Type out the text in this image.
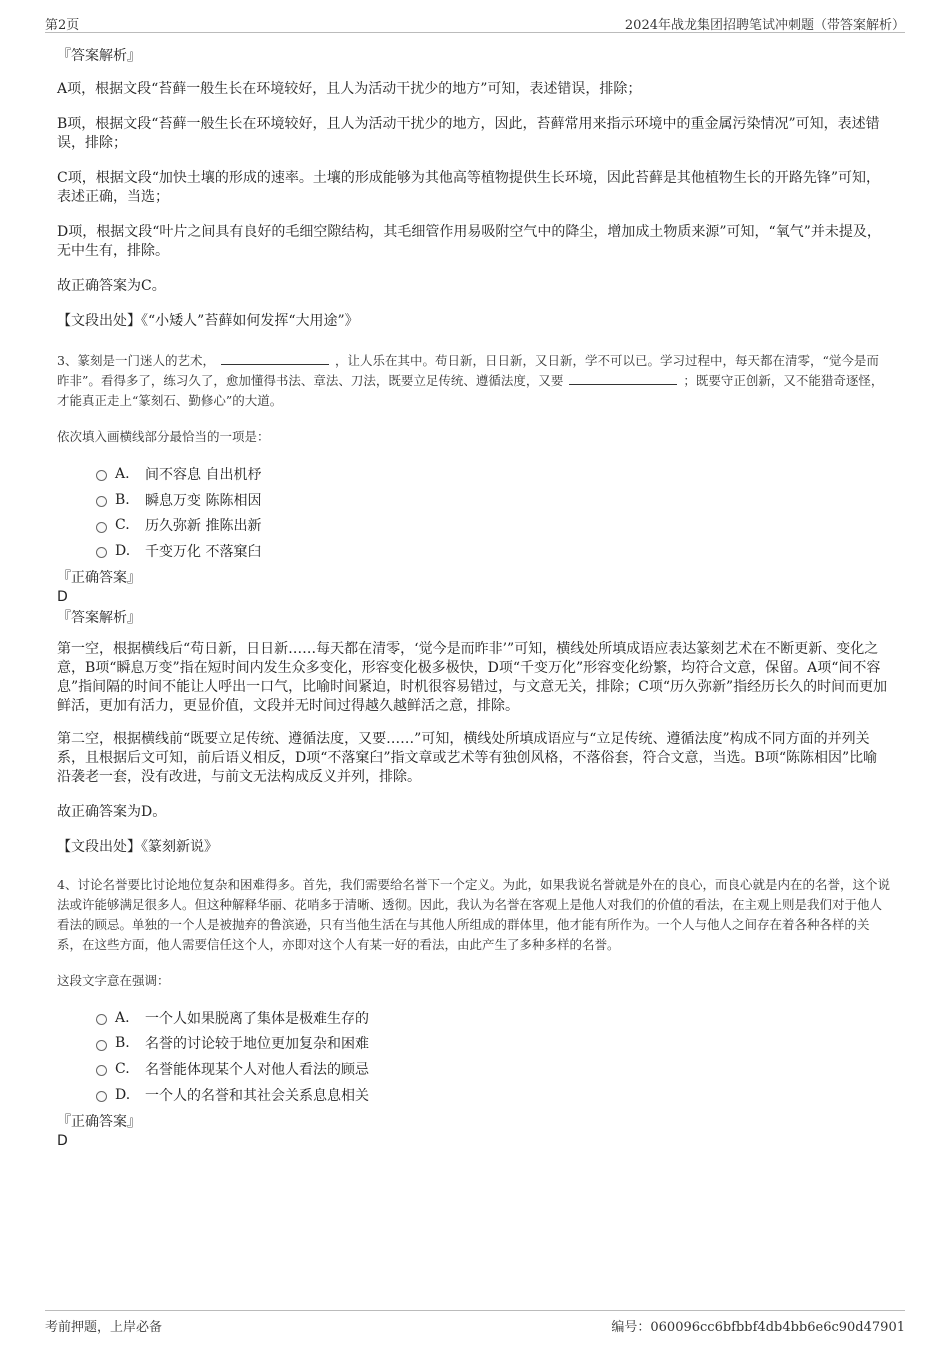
第2页	2024年战龙集团招聘笔试冲刺题（带答案解析）

『答案解析』

A项，根据文段“苔藓一般生长在环境较好，且人为活动干扰少的地方”可知，表述错误，排除；

B项，根据文段“苔藓一般生长在环境较好，且人为活动干扰少的地方，因此，苔藓常用来指示环境中的重金属污染情况”可知，表述错误，排除；

C项，根据文段“加快土壤的形成的速率。土壤的形成能够为其他高等植物提供生长环境，因此苔藓是其他植物生长的开路先锋”可知，表述正确，当选；

D项，根据文段“叶片之间具有良好的毛细空隙结构，其毛细管作用易吸附空气中的降尘，增加成土物质来源”可知，“氧气”并未提及，无中生有，排除。

故正确答案为C。

【文段出处】《“小矮人”苔藓如何发挥“大用途”》

3、篆刻是一门迷人的艺术，	，让人乐在其中。苟日新，日日新，又日新，学不可以已。学习过程中，每天都在清零，“觉今是而昨非”。看得多了，练习久了，愈加懂得书法、章法、刀法，既要立足传统、遵循法度，又要	；既要守正创新，又不能猎奇逐怪，才能真正走上“篆刻石、勤修心”的大道。

依次填入画横线部分最恰当的一项是：

A.	间不容息 自出机杼
B.	瞬息万变 陈陈相因
C.	历久弥新 推陈出新
D.	千变万化 不落窠臼

『正确答案』

D

『答案解析』

第一空，根据横线后“苟日新，日日新……每天都在清零，‘觉今是而昨非’”可知，横线处所填成语应表达篆刻艺术在不断更新、变化之意，B项“瞬息万变”指在短时间内发生众多变化，形容变化极多极快，D项“千变万化”形容变化纷繁，均符合文意，保留。A项“间不容息”指间隔的时间不能让人呼出一口气，比喻时间紧迫，时机很容易错过，与文意无关，排除；C项“历久弥新”指经历长久的时间而更加鲜活，更加有活力，更显价值，文段并无时间过得越久越鲜活之意，排除。

第二空，根据横线前“既要立足传统、遵循法度，又要……”可知，横线处所填成语应与“立足传统、遵循法度”构成不同方面的并列关系，且根据后文可知，前后语义相反，D项“不落窠臼”指文章或艺术等有独创风格，不落俗套，符合文意，当选。B项“陈陈相因”比喻沿袭老一套，没有改进，与前文无法构成反义并列，排除。

故正确答案为D。

【文段出处】《篆刻新说》

4、讨论名誉要比讨论地位复杂和困难得多。首先，我们需要给名誉下一个定义。为此，如果我说名誉就是外在的良心，而良心就是内在的名誉，这个说法或许能够满足很多人。但这种解释华丽、花哨多于清晰、透彻。因此，我认为名誉在客观上是他人对我们的价值的看法，在主观上则是我们对于他人看法的顾忌。单独的一个人是被抛弃的鲁滨逊，只有当他生活在与其他人所组成的群体里，他才能有所作为。一个人与他人之间存在着各种各样的关系，在这些方面，他人需要信任这个人，亦即对这个人有某一好的看法，由此产生了多种多样的名誉。

这段文字意在强调：

A.	一个人如果脱离了集体是极难生存的
B.	名誉的讨论较于地位更加复杂和困难
C.	名誉能体现某个人对他人看法的顾忌
D.	一个人的名誉和其社会关系息息相关

『正确答案』

D

考前押题，上岸必备	编号：060096cc6bfbbf4db4bb6e6c90d47901
